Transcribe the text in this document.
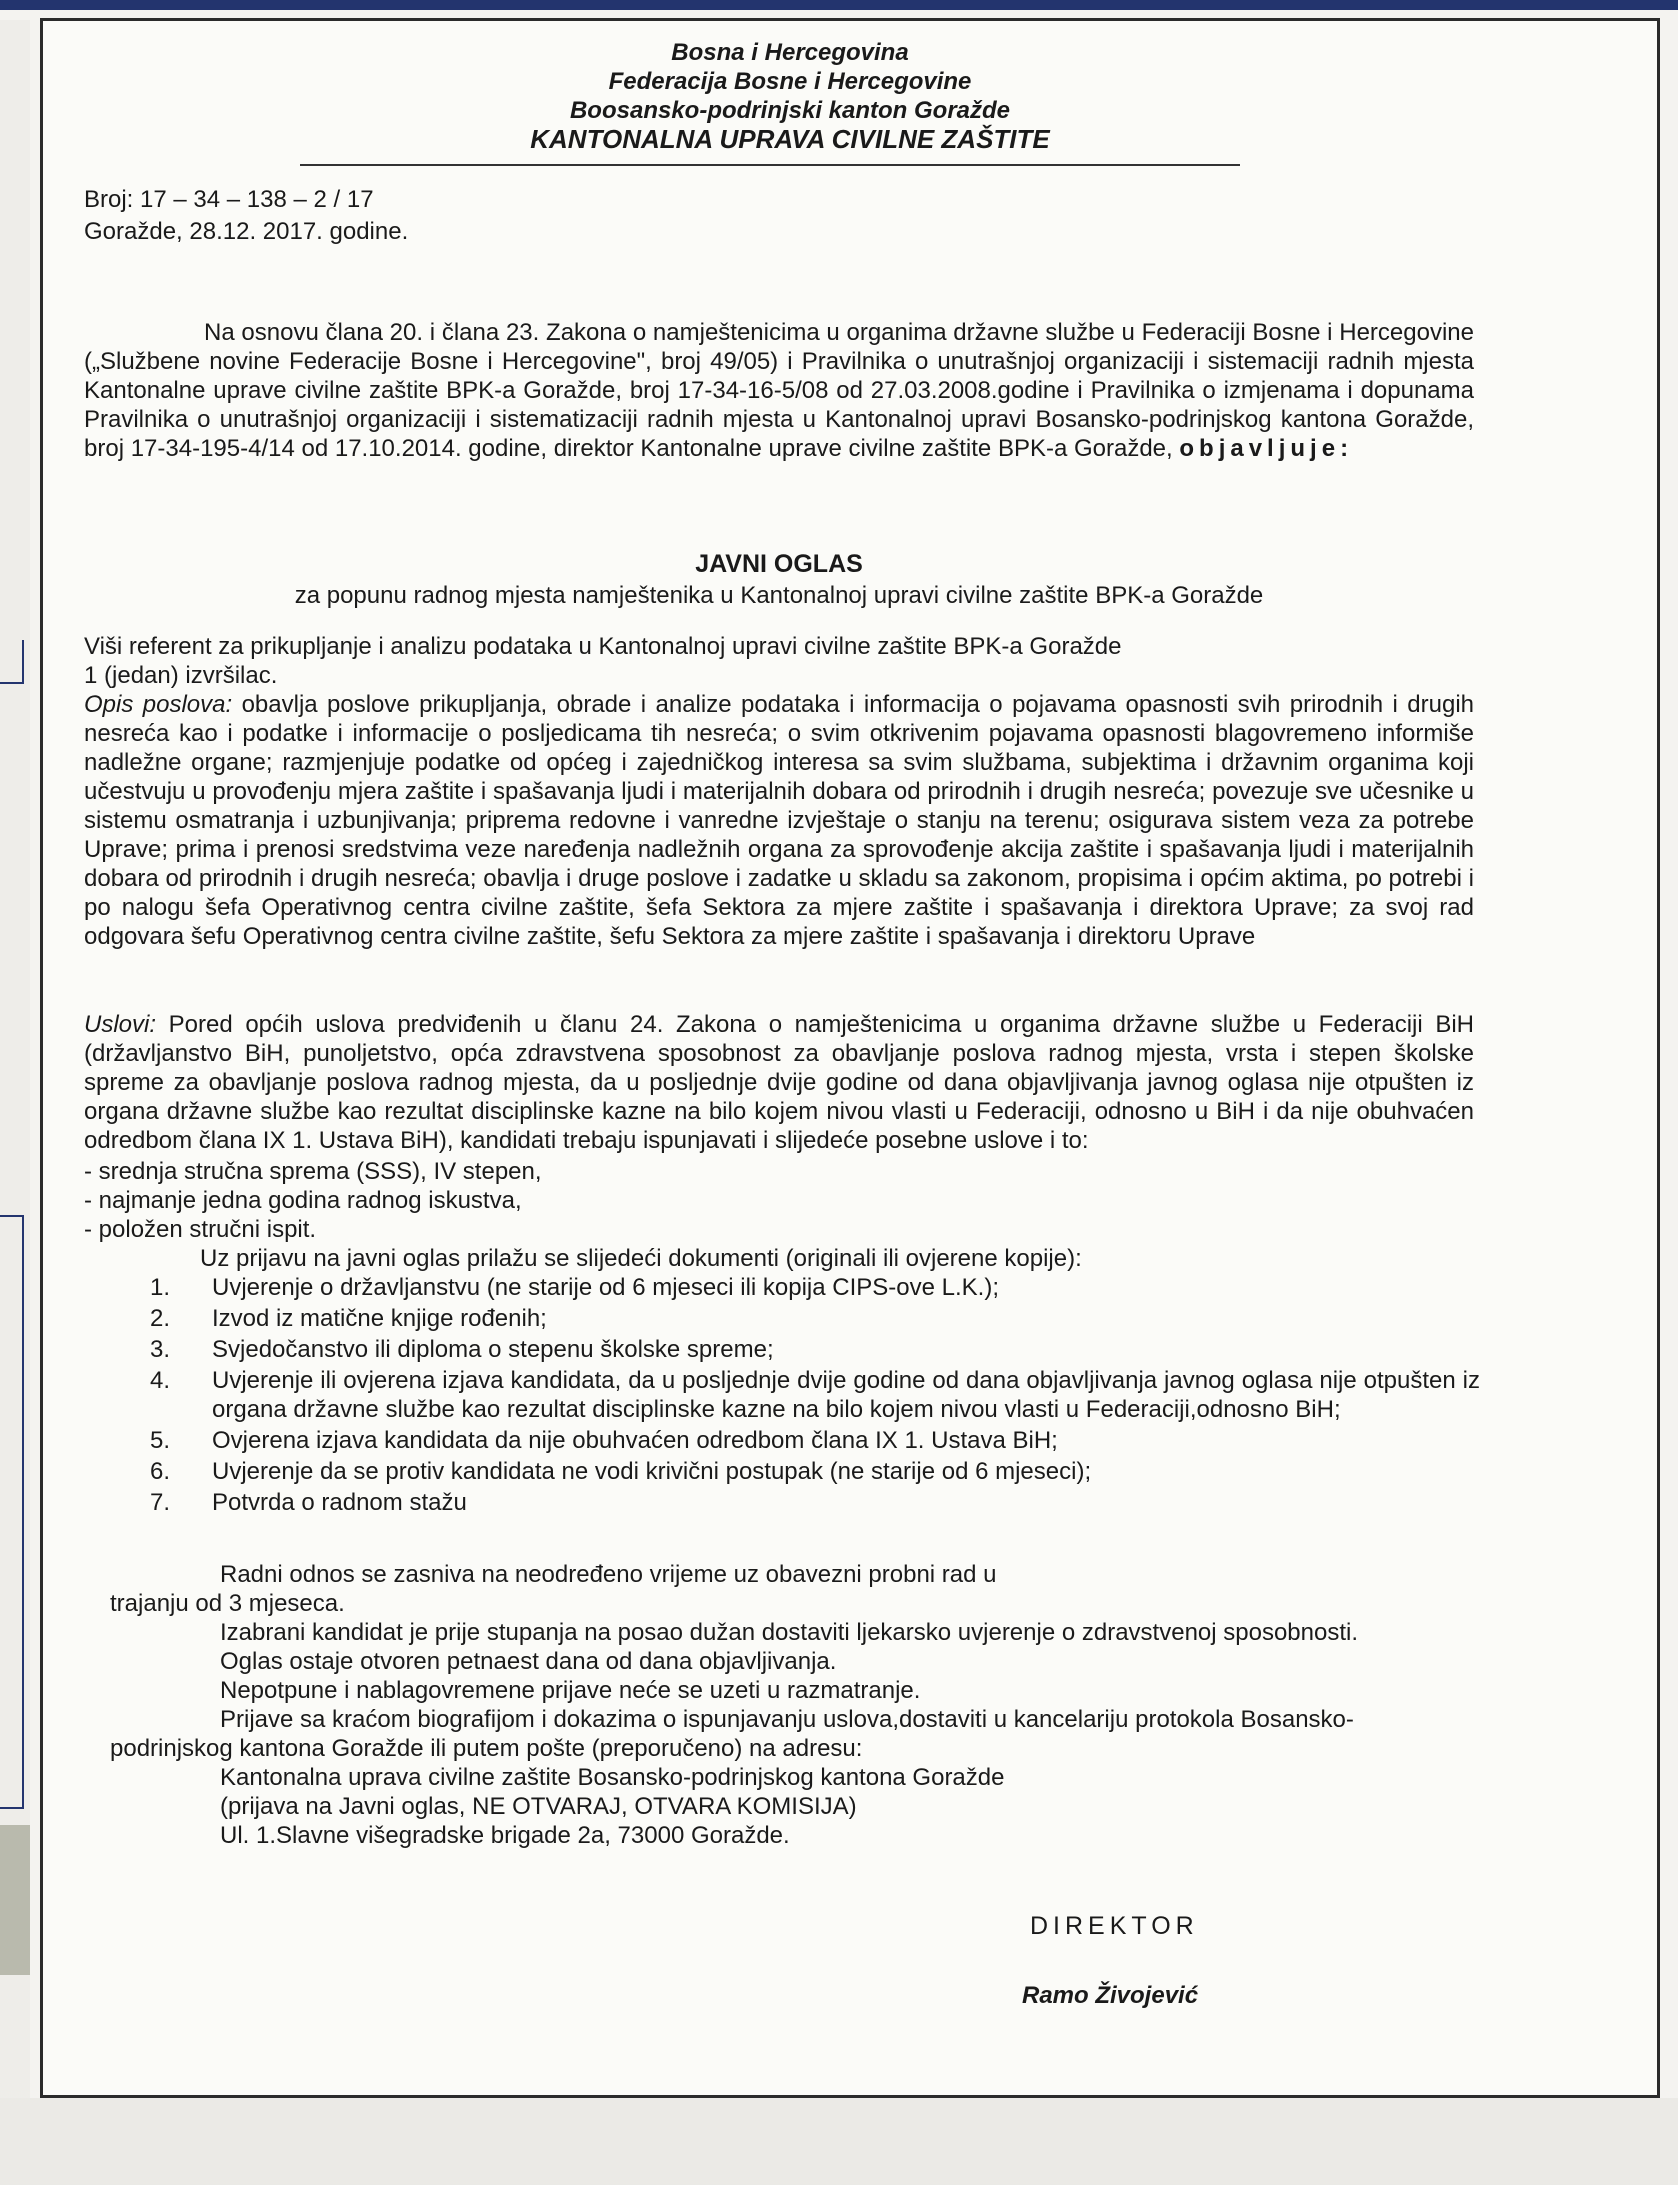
Bosna i Hercegovina
Federacija Bosne i Hercegovine
Boosansko-podrinjski kanton Goražde
KANTONALNA UPRAVA CIVILNE ZAŠTITE
Broj: 17 – 34 – 138 – 2 / 17
Goražde, 28.12. 2017. godine.

Na osnovu člana 20. i člana 23. Zakona o namještenicima u organima državne službe u Federaciji Bosne i Hercegovine („Službene novine Federacije Bosne i Hercegovine", broj 49/05) i Pravilnika o unutrašnjoj organizaciji i sistemaciji radnih mjesta Kantonalne uprave civilne zaštite BPK-a Goražde, broj 17-34-16-5/08 od 27.03.2008.godine i Pravilnika o izmjenama i dopunama Pravilnika o unutrašnjoj organizaciji i sistematizaciji radnih mjesta u Kantonalnoj upravi Bosansko-podrinjskog kantona Goražde, broj 17-34-195-4/14 od 17.10.2014. godine, direktor Kantonalne uprave civilne zaštite BPK-a Goražde, objavljuje:

JAVNI OGLAS
za popunu radnog mjesta namještenika u Kantonalnoj upravi civilne zaštite BPK-a Goražde
Viši referent za prikupljanje i analizu podataka u Kantonalnoj upravi civilne zaštite BPK-a Goražde
1 (jedan) izvršilac.
Opis poslova: obavlja poslove prikupljanja, obrade i analize podataka i informacija o pojavama opasnosti svih prirodnih i drugih nesreća kao i podatke i informacije o posljedicama tih nesreća; o svim otkrivenim pojavama opasnosti blagovremeno informiše nadležne organe; razmjenjuje podatke od općeg i zajedničkog interesa sa svim službama, subjektima i državnim organima koji učestvuju u provođenju mjera zaštite i spašavanja ljudi i materijalnih dobara od prirodnih i drugih nesreća; povezuje sve učesnike u sistemu osmatranja i uzbunjivanja; priprema redovne i vanredne izvještaje o stanju na terenu; osigurava sistem veza za potrebe Uprave; prima i prenosi sredstvima veze naređenja nadležnih organa za sprovođenje akcija zaštite i spašavanja ljudi i materijalnih dobara od prirodnih i drugih nesreća; obavlja i druge poslove i zadatke u skladu sa zakonom, propisima i općim aktima, po potrebi i po nalogu šefa Operativnog centra civilne zaštite, šefa Sektora za mjere zaštite i spašavanja i direktora Uprave; za svoj rad odgovara šefu Operativnog centra civilne zaštite, šefu Sektora za mjere zaštite i spašavanja i direktoru Uprave
Uslovi: Pored općih uslova predviđenih u članu 24. Zakona o namještenicima u organima državne službe u Federaciji BiH (državljanstvo BiH, punoljetstvo, opća zdravstvena sposobnost za obavljanje poslova radnog mjesta, vrsta i stepen školske spreme za obavljanje poslova radnog mjesta, da u posljednje dvije godine od dana objavljivanja javnog oglasa nije otpušten iz organa državne službe kao rezultat disciplinske kazne na bilo kojem nivou vlasti u Federaciji, odnosno u BiH i da nije obuhvaćen odredbom člana IX 1. Ustava BiH), kandidati trebaju ispunjavati i slijedeće posebne uslove i to:
- srednja stručna sprema (SSS), IV stepen,
- najmanje jedna godina radnog iskustva,
- položen stručni ispit.
Uz prijavu na javni oglas prilažu se slijedeći dokumenti (originali ili ovjerene kopije):
1.	Uvjerenje o državljanstvu (ne starije od 6 mjeseci ili kopija CIPS-ove L.K.);
2.	Izvod iz matične knjige rođenih;
3.	Svjedočanstvo ili diploma o stepenu školske spreme;
4.	Uvjerenje ili ovjerena izjava kandidata, da u posljednje dvije godine od dana objavljivanja javnog oglasa nije otpušten iz organa državne službe kao rezultat disciplinske kazne na bilo kojem nivou vlasti u Federaciji,odnosno BiH;
5.	Ovjerena izjava kandidata da nije obuhvaćen odredbom člana IX 1. Ustava BiH;
6.	Uvjerenje da se protiv kandidata ne vodi krivični postupak (ne starije od 6 mjeseci);
7.	Potvrda o radnom stažu

Radni odnos se zasniva na neodređeno vrijeme uz obavezni probni rad u

trajanju od 3 mjeseca.

Izabrani kandidat je prije stupanja na posao dužan dostaviti ljekarsko uvjerenje o zdravstvenoj sposobnosti.

Oglas ostaje otvoren petnaest dana od dana objavljivanja.

Nepotpune i nablagovremene prijave neće se uzeti u razmatranje.

Prijave sa kraćom biografijom i dokazima o ispunjavanju uslova,dostaviti u kancelariju protokola Bosansko-

podrinjskog kantona Goražde ili putem pošte (preporučeno) na adresu:

Kantonalna uprava civilne zaštite Bosansko-podrinjskog kantona Goražde

(prijava na Javni oglas, NE OTVARAJ, OTVARA KOMISIJA)

Ul. 1.Slavne višegradske brigade 2a, 73000 Goražde.

DIREKTOR
Ramo Živojević
